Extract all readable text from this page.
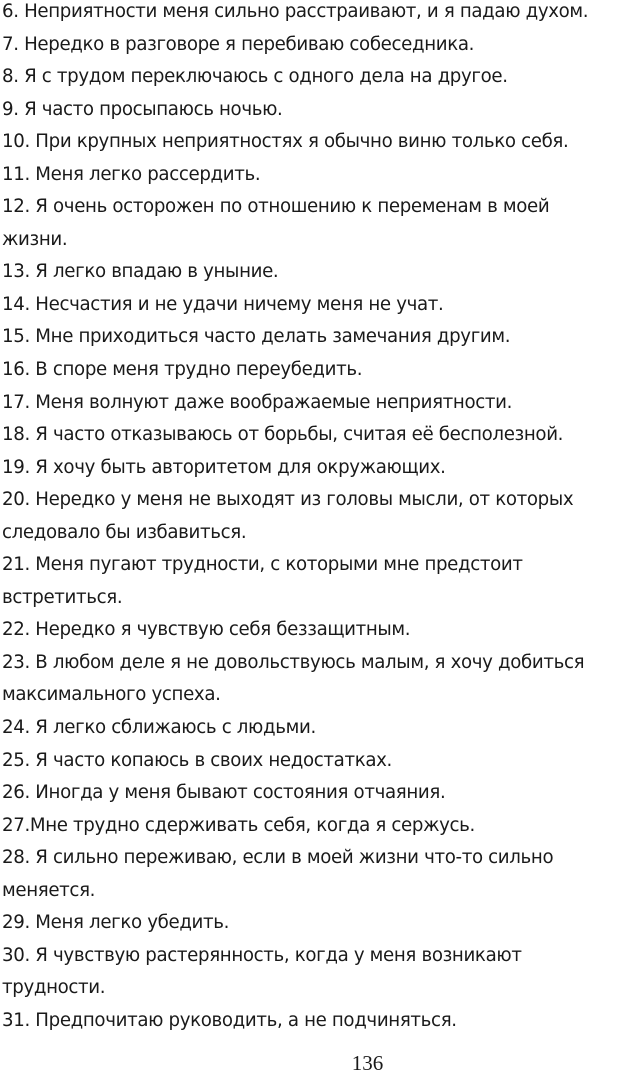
6. Неприятности меня сильно расстраивают, и я падаю духом.
7. Нередко в разговоре я перебиваю собеседника.
8. Я с трудом переключаюсь с одного дела на другое.
9. Я часто просыпаюсь ночью.
10. При крупных неприятностях я обычно виню только себя.
11. Меня легко рассердить.
12. Я очень осторожен по отношению к переменам в моей
жизни.
13. Я легко впадаю в уныние.
14. Несчастия и не удачи ничему меня не учат.
15. Мне приходиться часто делать замечания другим.
16. В споре меня трудно переубедить.
17. Меня волнуют даже воображаемые неприятности.
18. Я часто отказываюсь от борьбы, считая её бесполезной.
19. Я хочу быть авторитетом для окружающих.
20. Нередко у меня не выходят из головы мысли, от которых
следовало бы избавиться.
21. Меня пугают трудности, с которыми мне предстоит
встретиться.
22. Нередко я чувствую себя беззащитным.
23. В любом деле я не довольствуюсь малым, я хочу добиться
максимального успеха.
24. Я легко сближаюсь с людьми.
25. Я часто копаюсь в своих недостатках.
26. Иногда у меня бывают состояния отчаяния.
27.Мне трудно сдерживать себя, когда я сержусь.
28. Я сильно переживаю, если в моей жизни что-то сильно
меняется.
29. Меня легко убедить.
30. Я чувствую растерянность, когда у меня возникают
трудности.
31. Предпочитаю руководить, а не подчиняться.
136
